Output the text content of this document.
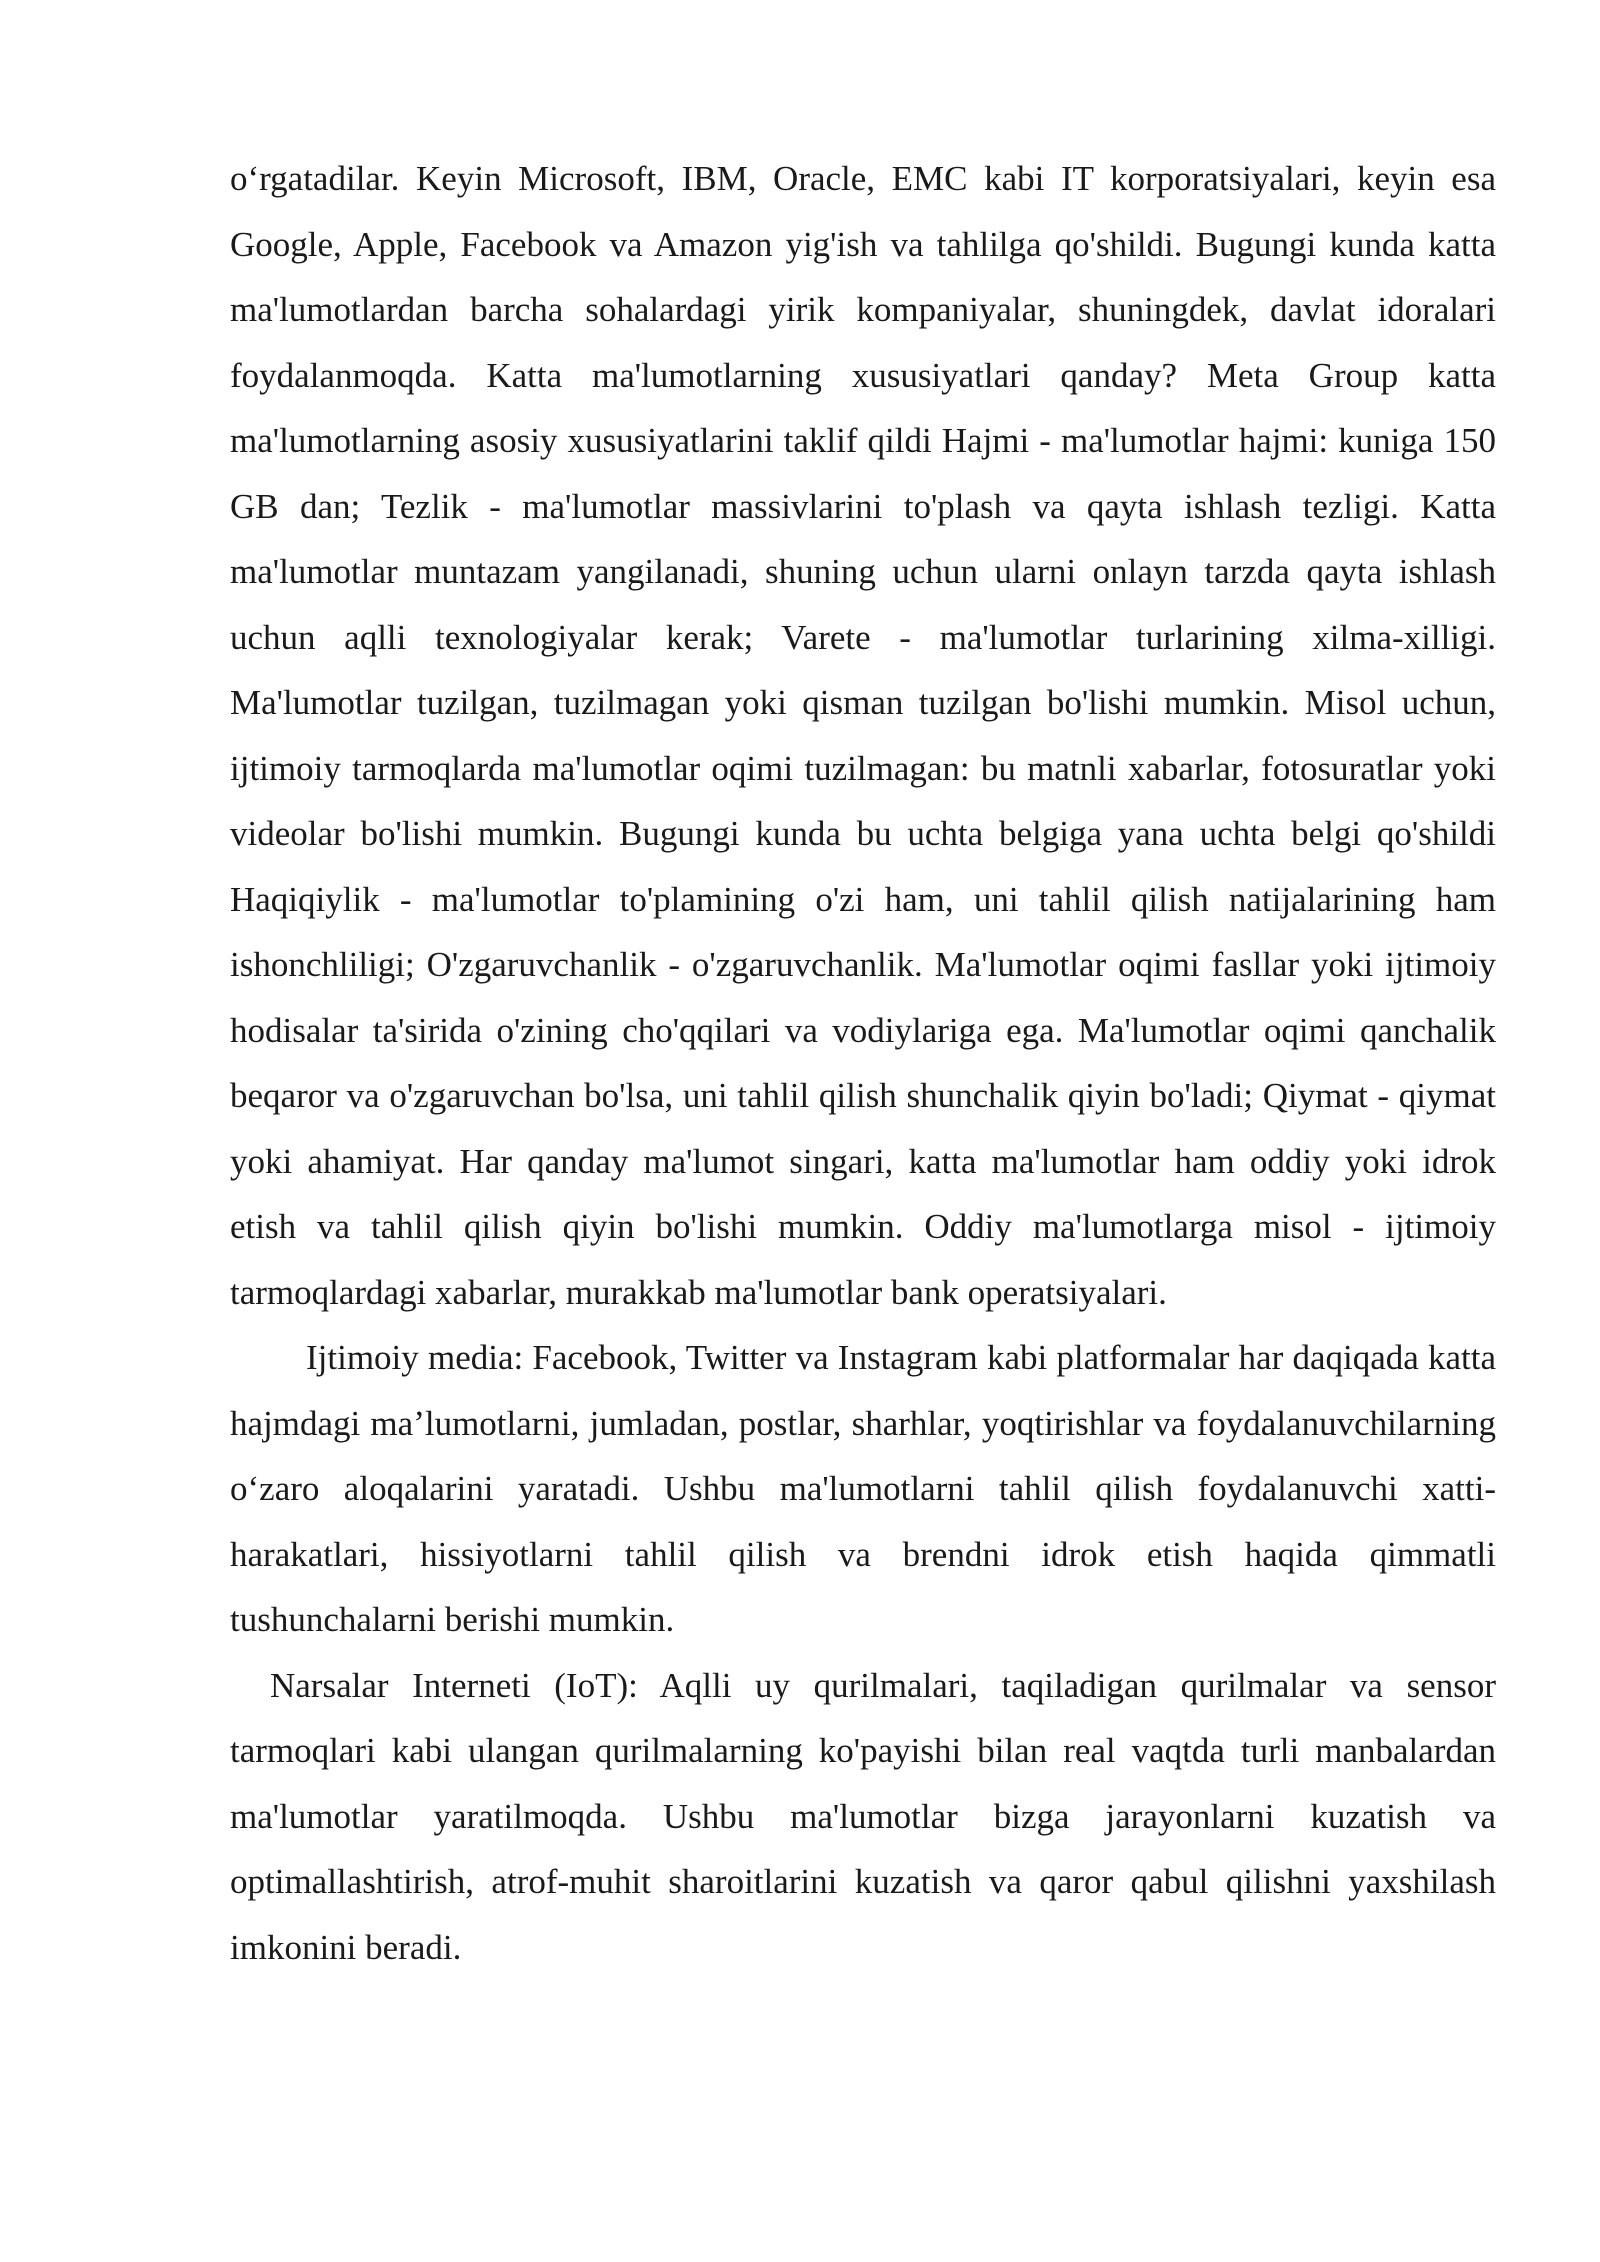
oʻrgatadilar. Keyin Microsoft, IBM, Oracle, EMC kabi IT korporatsiyalari, keyin esa Google, Apple, Facebook va Amazon yig'ish va tahlilga qo'shildi. Bugungi kunda katta ma'lumotlardan barcha sohalardagi yirik kompaniyalar, shuningdek, davlat idoralari foydalanmoqda. Katta ma'lumotlarning xususiyatlari qanday? Meta Group katta ma'lumotlarning asosiy xususiyatlarini taklif qildi Hajmi - ma'lumotlar hajmi: kuniga 150 GB dan; Tezlik - ma'lumotlar massivlarini to'plash va qayta ishlash tezligi. Katta ma'lumotlar muntazam yangilanadi, shuning uchun ularni onlayn tarzda qayta ishlash uchun aqlli texnologiyalar kerak; Varete - ma'lumotlar turlarining xilma-xilligi. Ma'lumotlar tuzilgan, tuzilmagan yoki qisman tuzilgan bo'lishi mumkin. Misol uchun, ijtimoiy tarmoqlarda ma'lumotlar oqimi tuzilmagan: bu matnli xabarlar, fotosuratlar yoki videolar bo'lishi mumkin. Bugungi kunda bu uchta belgiga yana uchta belgi qo'shildi Haqiqiylik - ma'lumotlar to'plamining o'zi ham, uni tahlil qilish natijalarining ham ishonchliligi; O'zgaruvchanlik - o'zgaruvchanlik. Ma'lumotlar oqimi fasllar yoki ijtimoiy hodisalar ta'sirida o'zining cho'qqilari va vodiylariga ega. Ma'lumotlar oqimi qanchalik beqaror va o'zgaruvchan bo'lsa, uni tahlil qilish shunchalik qiyin bo'ladi; Qiymat - qiymat yoki ahamiyat. Har qanday ma'lumot singari, katta ma'lumotlar ham oddiy yoki idrok etish va tahlil qilish qiyin bo'lishi mumkin. Oddiy ma'lumotlarga misol - ijtimoiy tarmoqlardagi xabarlar, murakkab ma'lumotlar bank operatsiyalari.

Ijtimoiy media: Facebook, Twitter va Instagram kabi platformalar har daqiqada katta hajmdagi maʼlumotlarni, jumladan, postlar, sharhlar, yoqtirishlar va foydalanuvchilarning oʻzaro aloqalarini yaratadi. Ushbu ma'lumotlarni tahlil qilish foydalanuvchi xatti-harakatlari, hissiyotlarni tahlil qilish va brendni idrok etish haqida qimmatli tushunchalarni berishi mumkin.

Narsalar Interneti (IoT): Aqlli uy qurilmalari, taqiladigan qurilmalar va sensor tarmoqlari kabi ulangan qurilmalarning ko'payishi bilan real vaqtda turli manbalardan ma'lumotlar yaratilmoqda. Ushbu ma'lumotlar bizga jarayonlarni kuzatish va optimallashtirish, atrof-muhit sharoitlarini kuzatish va qaror qabul qilishni yaxshilash imkonini beradi.
